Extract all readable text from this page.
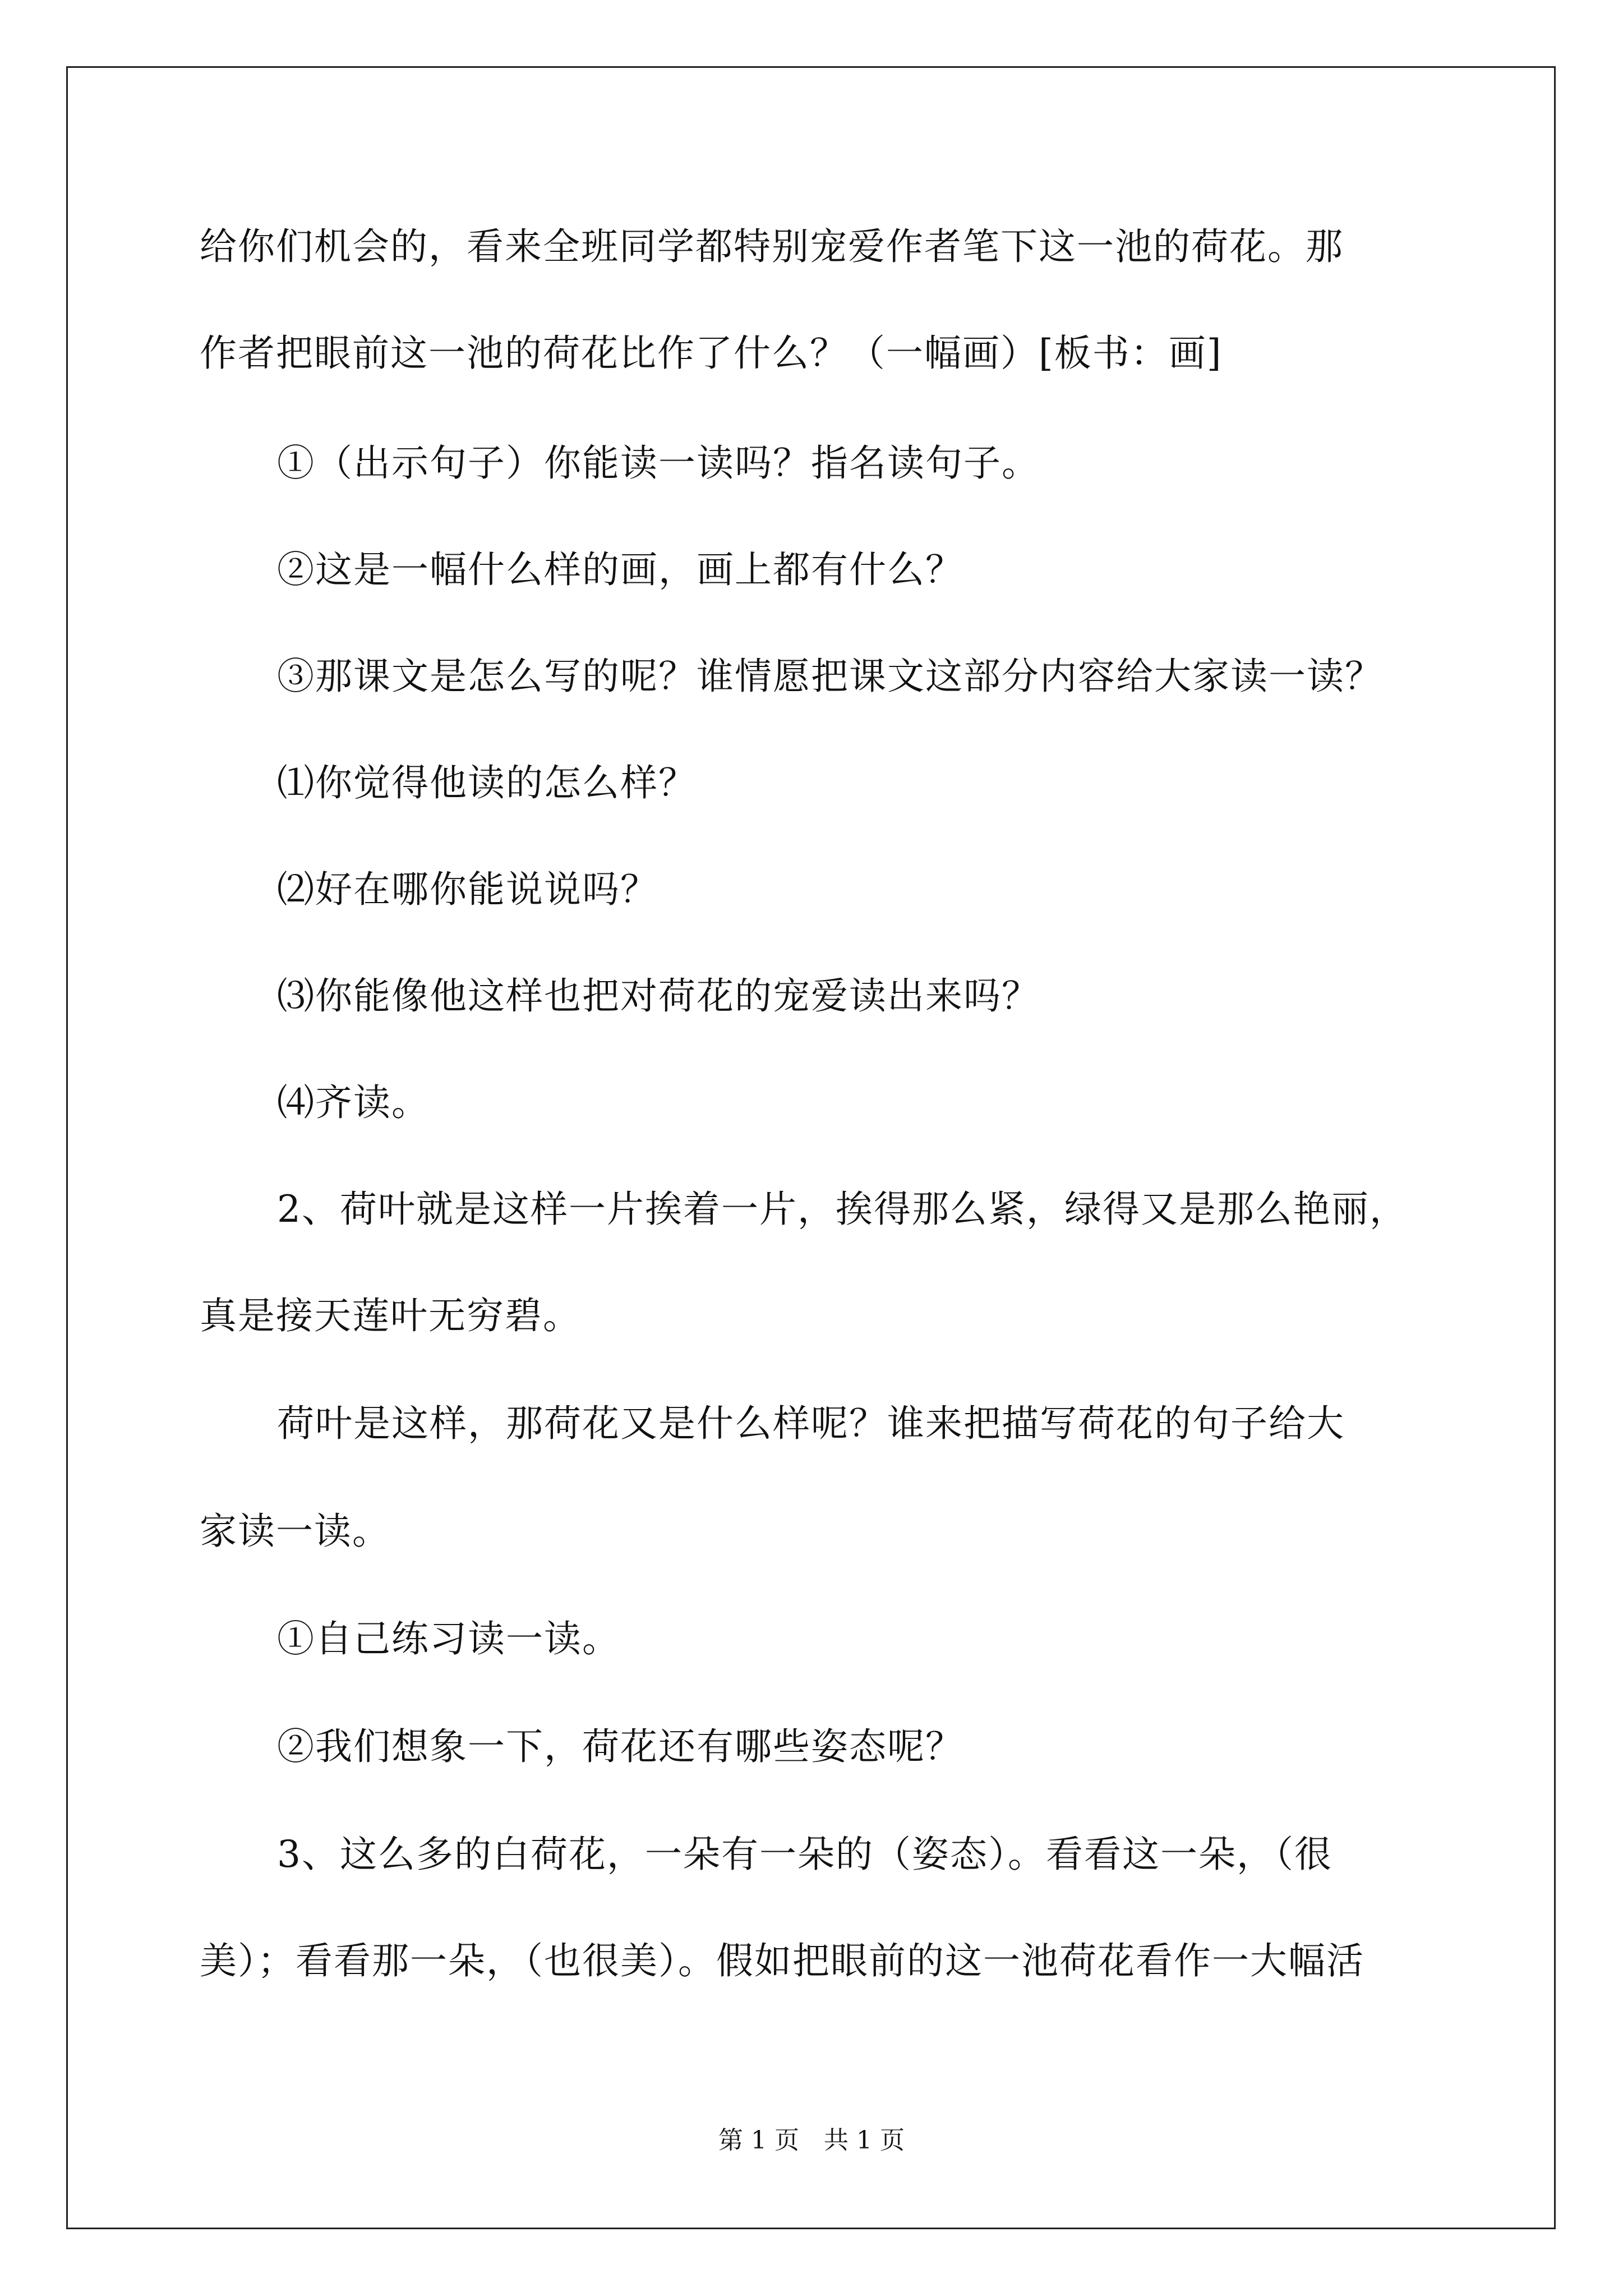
给你们机会的，看来全班同学都特别宠爱作者笔下这一池的荷花。那
作者把眼前这一池的荷花比作了什么？（一幅画）[板书：画]
①（出示句子）你能读一读吗？指名读句子。
②这是一幅什么样的画，画上都有什么？
③那课文是怎么写的呢？谁情愿把课文这部分内容给大家读一读？
⑴你觉得他读的怎么样？
⑵好在哪你能说说吗？
⑶你能像他这样也把对荷花的宠爱读出来吗？
⑷齐读。
2、荷叶就是这样一片挨着一片，挨得那么紧，绿得又是那么艳丽，
真是接天莲叶无穷碧。
荷叶是这样，那荷花又是什么样呢？谁来把描写荷花的句子给大
家读一读。
①自己练习读一读。
②我们想象一下，荷花还有哪些姿态呢？
3、这么多的白荷花，一朵有一朵的（姿态）。看看这一朵，（很
美）；看看那一朵，（也很美）。假如把眼前的这一池荷花看作一大幅活
第 1 页　共 1 页
